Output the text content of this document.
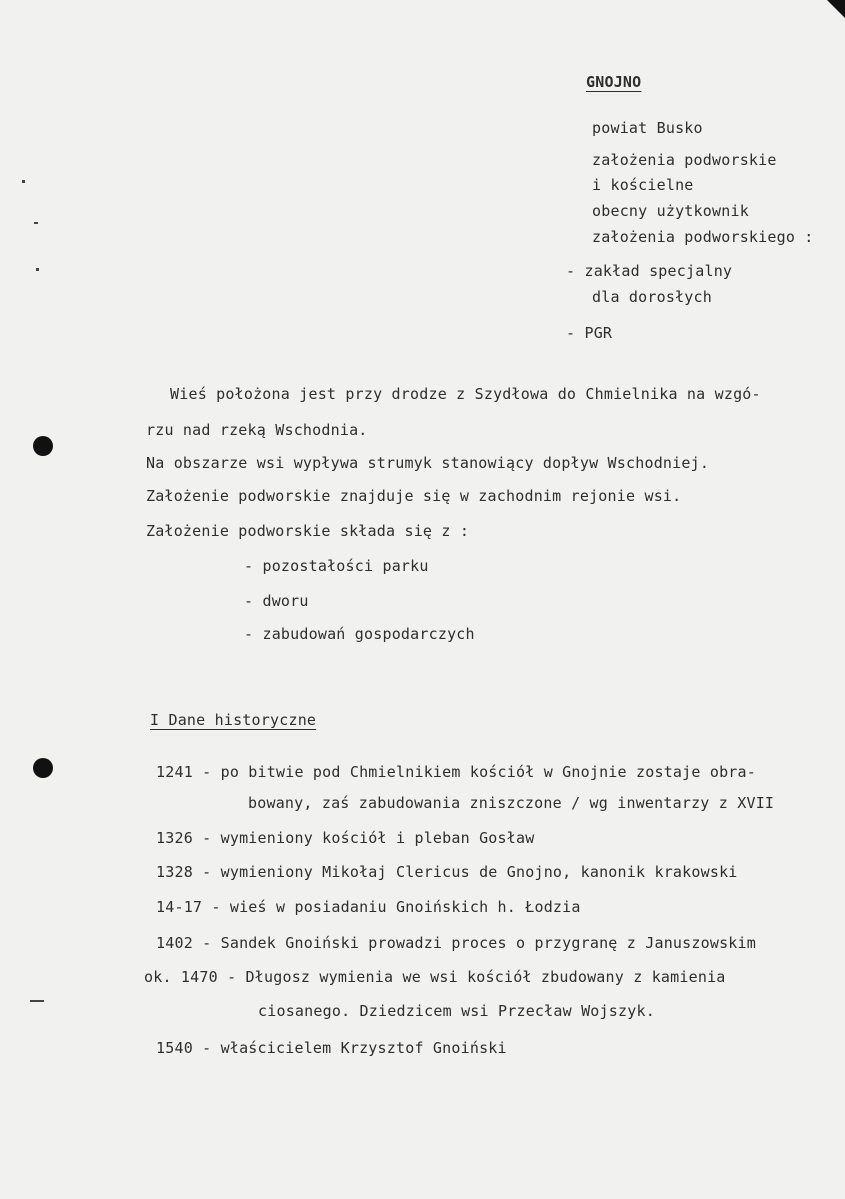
GNOJNO
powiat Busko
założenia podworskie
i kościelne
obecny użytkownik
założenia podworskiego :
- zakład specjalny
dla dorosłych
- PGR
Wieś położona jest przy drodze z Szydłowa do Chmielnika na wzgó-
rzu nad rzeką Wschodnia.
Na obszarze wsi wypływa strumyk stanowiący dopływ Wschodniej.
Założenie podworskie znajduje się w zachodnim rejonie wsi.
Założenie podworskie składa się z :
- pozostałości parku
- dworu
- zabudowań gospodarczych
I Dane historyczne
1241 - po bitwie pod Chmielnikiem kościół w Gnojnie zostaje obra-
bowany, zaś zabudowania zniszczone / wg inwentarzy z XVII
1326 - wymieniony kościół i pleban Gosław
1328 - wymieniony Mikołaj Clericus de Gnojno, kanonik krakowski
14-17 - wieś w posiadaniu Gnoińskich h. Łodzia
1402 - Sandek Gnoiński prowadzi proces o przygranę z Januszowskim
ok. 1470 - Długosz wymienia we wsi kościół zbudowany z kamienia
ciosanego. Dziedzicem wsi Przecław Wojszyk.
1540 - właścicielem Krzysztof Gnoiński
